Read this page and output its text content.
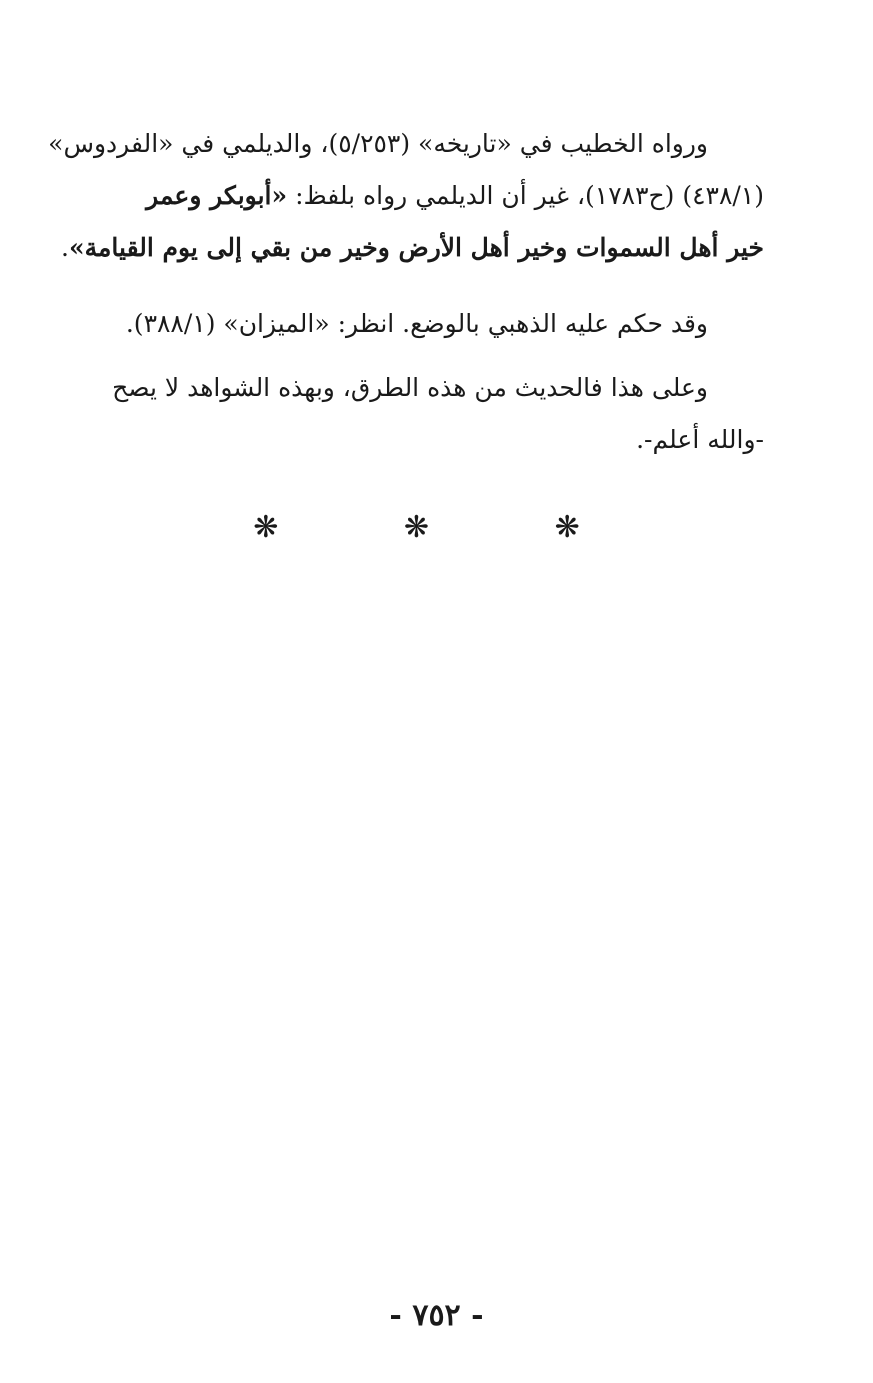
ورواه الخطيب في «تاريخه» (٥/٢٥٣)، والديلمي في «الفردوس»
(٤٣٨/١) (ح١٧٨٣)، غير أن الديلمي رواه بلفظ: «أبوبكر وعمر
خير أهل السموات وخير أهل الأرض وخير من بقي إلى يوم القيامة».
وقد حكم عليه الذهبي بالوضع. انظر: «الميزان» (٣٨٨/١).
وعلى هذا فالحديث من هذه الطرق، وبهذه الشواهد لا يصح
-والله أعلم-.
❋	❋	❋
- ٧٥٢ -
